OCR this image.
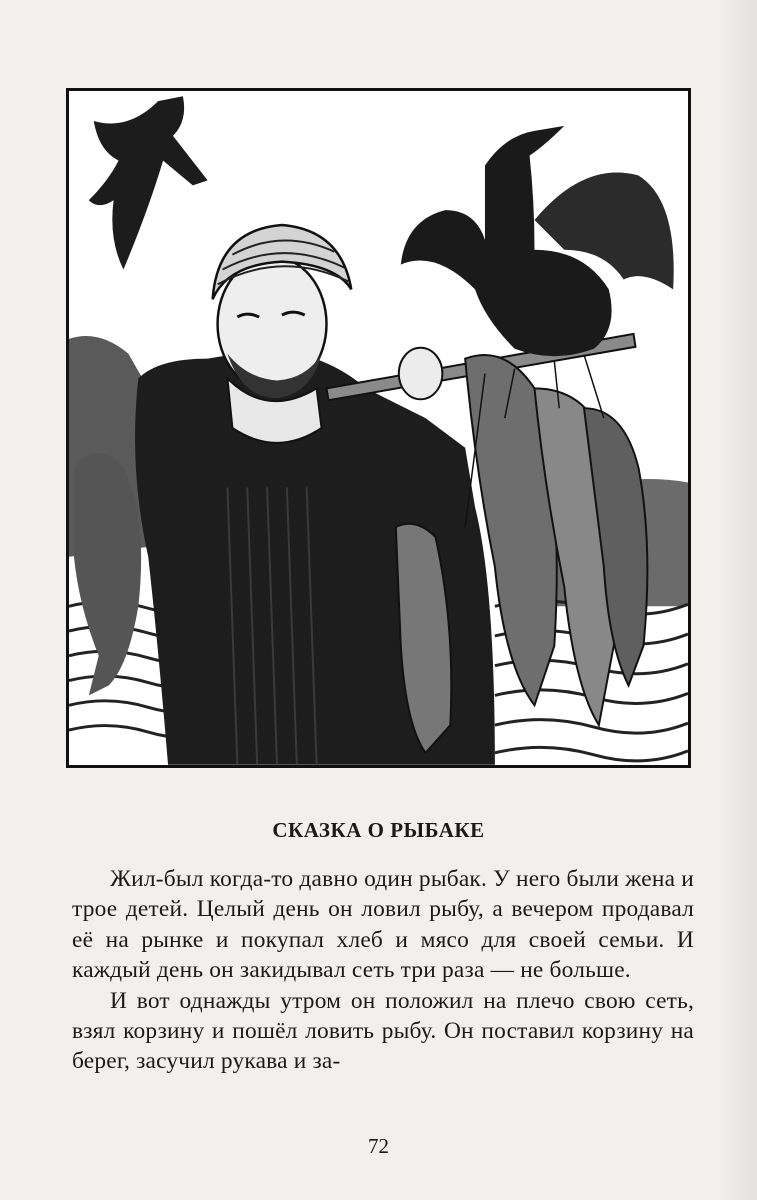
СКАЗКА О РЫБАКЕ

Жил-был когда-то давно один рыбак. У него были жена и трое детей. Целый день он ловил рыбу, а вечером продавал её на рынке и покупал хлеб и мясо для своей семьи. И каждый день он закидывал сеть три раза — не больше.

И вот однажды утром он положил на плечо свою сеть, взял корзину и пошёл ловить рыбу. Он поставил корзину на берег, засучил рукава и за-

72
